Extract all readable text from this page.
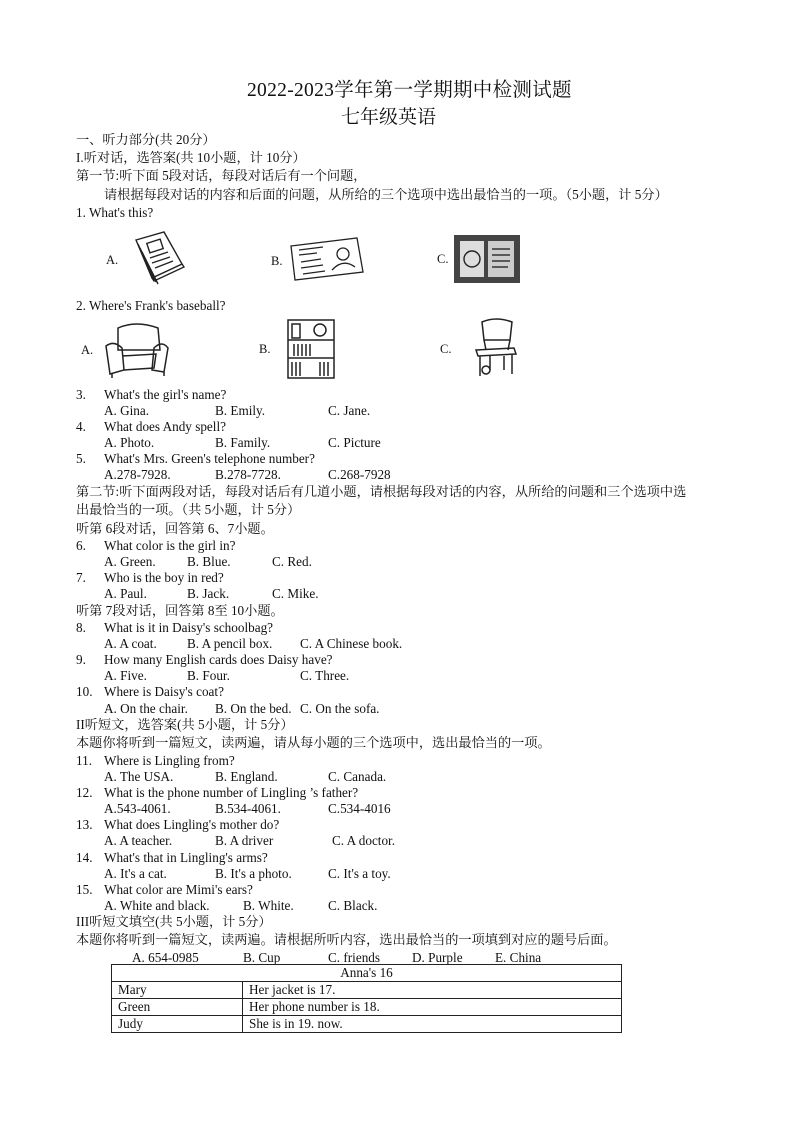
2022-2023学年第一学期期中检测试题
七年级英语
一、听力部分(共 20分）
I.听对话，选答案(共 10小题，计 10分）
第一节:听下面 5段对话，每段对话后有一个问题，
请根据每段对话的内容和后面的问题，从所给的三个选项中选出最恰当的一项。（5小题，计 5分）
1. What's this?
A.	B.	C.
2. Where's Frank's baseball?
A.	B.	C.
3. What's the girl's name?
A. Gina.	B. Emily.	C. Jane.
4. What does Andy spell?
A. Photo.	B. Family.	C. Picture
5. What's Mrs. Green's telephone number?
A.278-7928.	B.278-7728.	C.268-7928
第二节:听下面两段对话，每段对话后有几道小题，请根据每段对话的内容，从所给的问题和三个选项中选
出最恰当的一项。（共 5小题，计 5分）
听第 6段对话，回答第 6、7小题。
6. What color is the girl in?
A. Green. B. Blue.	C. Red.
7. Who is the boy in red?
A. Paul.	B. Jack.	C. Mike.
听第 7段对话，回答第 8至 10小题。
8. What is it in Daisy's schoolbag?
A. A coat. B. A pencil box. C. A Chinese book.
9. How many English cards does Daisy have?
A. Five.	B. Four.	C. Three.
10. Where is Daisy's coat?
A. On the chair. B. On the bed. C. On the sofa.
II听短文，选答案(共 5小题，计 5分）
本题你将听到一篇短文，读两遍，请从每小题的三个选项中，选出最恰当的一项。
11. Where is Lingling from?
A. The USA.	B. England.	C. Canada.
12. What is the phone number of Lingling ’s father?
A.543-4061.	B.534-4061.	C.534-4016
13. What does Lingling's mother do?
A. A teacher.	B. A driver	C. A doctor.
14. What's that in Lingling's arms?
A. It's a cat.	B. It's a photo.	C. It's a toy.
15. What color are Mimi's ears?
A. White and black.	B. White.	C. Black.
III听短文填空(共 5小题，计 5分）
本题你将听到一篇短文，读两遍。请根据所听内容，选出最恰当的一项填到对应的题号后面。
A. 654-0985	B. Cup	C. friends D. Purple E. China
Anna's 16	
Mary	Her jacket is 17.
Green	Her phone number is 18.
Judy	She is in 19. now.
